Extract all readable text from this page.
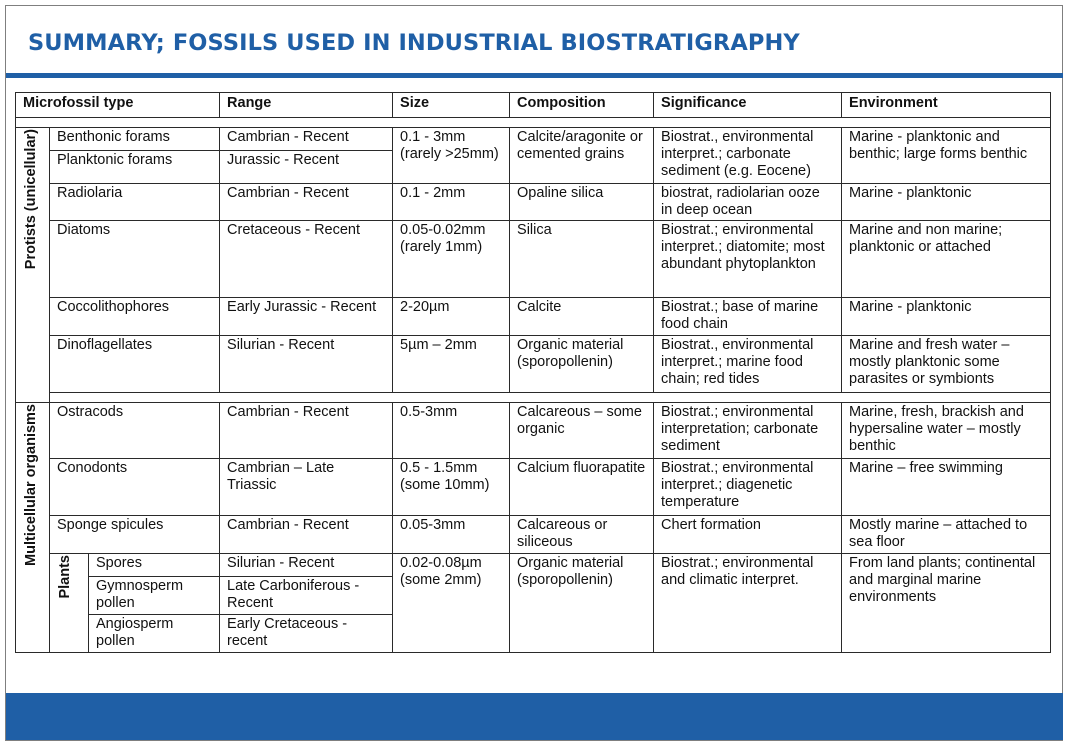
SUMMARY; FOSSILS USED IN INDUSTRIAL BIOSTRATIGRAPHY
Microfossil type			Range	Size	Composition	Significance	Environment

Protists (unicellular)	Benthonic forams		Cambrian - Recent	0.1 - 3mm (rarely >25mm)	Calcite/aragonite or cemented grains	Biostrat., environmental interpret.; carbonate sediment (e.g. Eocene)	Marine - planktonic and benthic; large forms benthic
	Planktonic forams		Jurassic - Recent				
	Radiolaria		Cambrian - Recent	0.1 - 2mm	Opaline silica	biostrat, radiolarian ooze in deep ocean	Marine - planktonic
	Diatoms		Cretaceous - Recent	0.05-0.02mm (rarely 1mm)	Silica	Biostrat.; environmental interpret.; diatomite; most abundant phytoplankton	Marine and non marine; planktonic or attached
	Coccolithophores		Early Jurassic - Recent	2-20µm	Calcite	Biostrat.; base of marine food chain	Marine - planktonic
	Dinoflagellates		Silurian - Recent	5µm – 2mm	Organic material (sporopollenin)	Biostrat., environmental interpret.; marine food chain; red tides	Marine and fresh water – mostly planktonic some parasites or symbionts

Multicellular organisms	Ostracods		Cambrian - Recent	0.5-3mm	Calcareous – some organic	Biostrat.; environmental interpretation; carbonate sediment	Marine, fresh, brackish and hypersaline water – mostly benthic
	Conodonts		Cambrian – Late Triassic	0.5 - 1.5mm (some 10mm)	Calcium fluorapatite	Biostrat.; environmental interpret.; diagenetic temperature	Marine – free swimming
	Sponge spicules		Cambrian - Recent	0.05-3mm	Calcareous or siliceous	Chert formation	Mostly marine – attached to sea floor
	Plants	Spores	Silurian - Recent	0.02-0.08µm (some 2mm)	Organic material (sporopollenin)	Biostrat.; environmental and climatic interpret.	From land plants; continental and marginal marine environments
		Gymnosperm pollen	Late Carboniferous - Recent				
		Angiosperm pollen	Early Cretaceous - recent				
